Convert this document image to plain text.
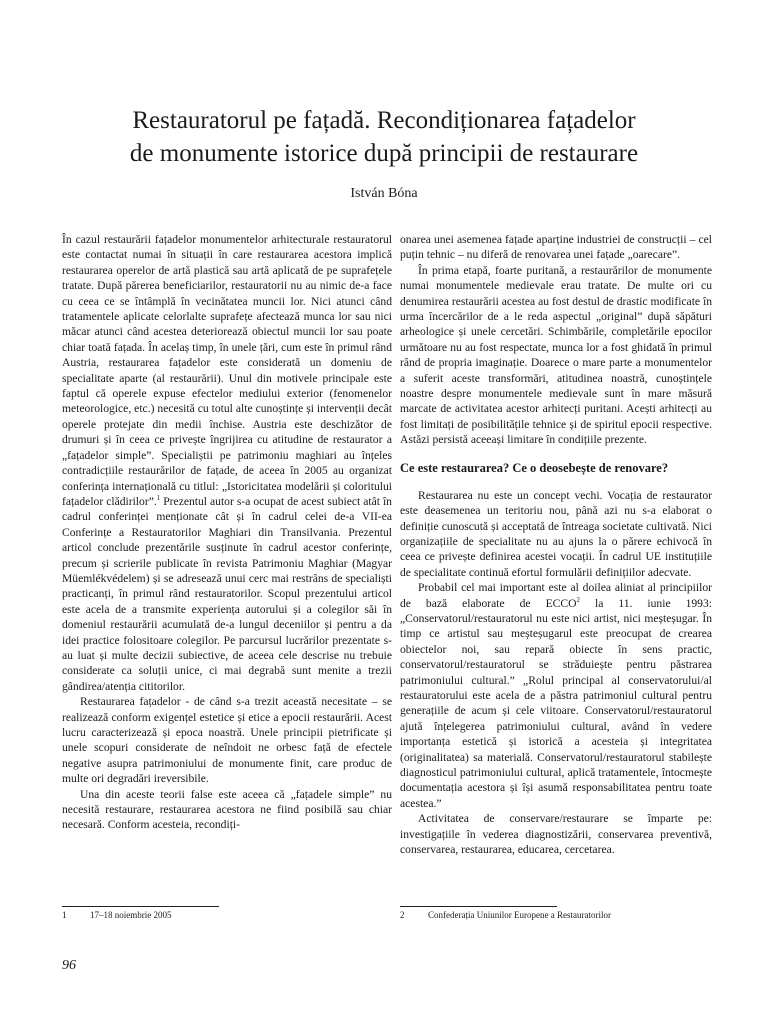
Restauratorul pe fațadă. Recondiționarea fațadelor
de monumente istorice după principii de restaurare

István Bóna

În cazul restaurării fațadelor monumentelor arhitecturale restauratorul este contactat numai în situații în care restaurarea acestora implică restaurarea operelor de artă plastică sau artă aplicată de pe suprafețele tratate. După părerea beneficiarilor, restauratorii nu au nimic de-a face cu ceea ce se întâmplă în vecinătatea muncii lor. Nici atunci când tratamentele aplicate celorlalte suprafețe afectează munca lor sau nici măcar atunci când acestea deteriorează obiectul muncii lor sau poate chiar toată fațada. În acelaș timp, în unele țări, cum este în primul rând Austria, restaurarea fațadelor este considerată un domeniu de specialitate aparte (al restaurării). Unul din motivele principale este faptul că operele expuse efectelor mediului exterior (fenomenelor meteorologice, etc.) necesită cu totul alte cunoștințe și intervenții decât operele protejate din medii închise. Austria este deschizător de drumuri și în ceea ce privește îngrijirea cu atitudine de restaurator a „fațadelor simple”. Specialiștii pe patrimoniu maghiari au înțeles contradicțiile restaurărilor de fațade, de aceea în 2005 au organizat conferința internațională cu titlul: „Istoricitatea modelării și coloritului fațadelor clădirilor”.$^1$ Prezentul autor s-a ocupat de acest subiect atât în cadrul conferinței menționate cât și în cadrul celei de-a VII-ea Conferințe a Restauratorilor Maghiari din Transilvania. Prezentul articol conclude prezentările susținute în cadrul acestor conferințe, precum și scrierile publicate în revista Patrimoniu Maghiar (Magyar Müemlékvédelem) și se adresează unui cerc mai restrâns de specialiști practicanți, în primul rând restauratorilor. Scopul prezentului articol este acela de a transmite experiența autorului și a colegilor săi în domeniul restaurării acumulată de-a lungul deceniilor și pentru a da idei practice folositoare colegilor. Pe parcursul lucrărilor prezentate s-au luat și multe decizii subiective, de aceea cele descrise nu trebuie considerate ca soluții unice, ci mai degrabă sunt menite a trezii gândirea/atenția cititorilor.

Restaurarea fațadelor - de când s-a trezit această necesitate – se realizează conform exigențel estetice și etice a epocii restaurării. Acest lucru caracterizează și epoca noastră. Unele principii pietrificate și unele scopuri considerate de neîndoit ne orbesc față de efectele negative asupra patrimoniului de monumente finit, care produc de multe ori degradări ireversibile.

Una din aceste teorii false este aceea că „fațadele simple” nu necesită restaurare, restaurarea acestora ne fiind posibilă sau chiar necesară. Conform acesteia, recondiți-

onarea unei asemenea fațade aparține industriei de construcții – cel puțin tehnic – nu diferă de renovarea unei fațade „oarecare”.

În prima etapă, foarte puritană, a restaurărilor de monumente numai monumentele medievale erau tratate. De multe ori cu denumirea restaurării acestea au fost destul de drastic modificate în urma încercărilor de a le reda aspectul „original” după săpături arheologice și unele cercetări. Schimbările, completările epocilor următoare nu au fost respectate, munca lor a fost ghidată în primul rând de propria imaginație. Doarece o mare parte a monumentelor a suferit aceste transformări, atitudinea noastră, cunoștințele noastre despre monumentele medievale sunt în mare măsură marcate de activitatea acestor arhitecți puritani. Acești arhitecți au fost limitați de posibilitățile tehnice și de spiritul epocii respective. Astăzi persistă aceeași limitare în condițiile prezente.

Ce este restaurarea? Ce o deosebește de renovare?

Restaurarea nu este un concept vechi. Vocația de restaurator este deasemenea un teritoriu nou, până azi nu s-a elaborat o definiție cunoscută și acceptată de întreaga societate cultivată. Nici organizațiile de specialitate nu au ajuns la o părere echivocă în ceea ce privește definirea acestei vocații. În cadrul UE instituțiile de specialitate continuă efortul formulării definițiilor adecvate.

Probabil cel mai important este al doilea aliniat al principiilor de bază elaborate de ECCO$^2$ la 11. iunie 1993: „Conservatorul/restauratorul nu este nici artist, nici meșteșugar. În timp ce artistul sau meșteșugarul este preocupat de crearea obiectelor noi, sau repară obiecte în sens practic, conservatorul/restauratorul se străduiește pentru păstrarea patrimoniului cultural.” „Rolul principal al conservatorului/al restauratorului este acela de a păstra patrimoniul cultural pentru generațiile de acum și cele viitoare. Conservatorul/restauratorul ajută înțelegerea patrimoniului cultural, având în vedere importanța estetică și istorică a acesteia și integritatea (originalitatea) sa materială. Conservatorul/restauratorul stabilește diagnosticul patrimoniului cultural, aplică tratamentele, întocmește documentația acestora și își asumă responsabilitatea pentru toate acestea.”

Activitatea de conservare/restaurare se împarte pe: investigațiile în vederea diagnostizării, conservarea preventivă, conservarea, restaurarea, educarea, cercetarea.

1	17–18 noiembrie 2005	2	Confederația Uniunilor Europene a Restauratorilor
96
